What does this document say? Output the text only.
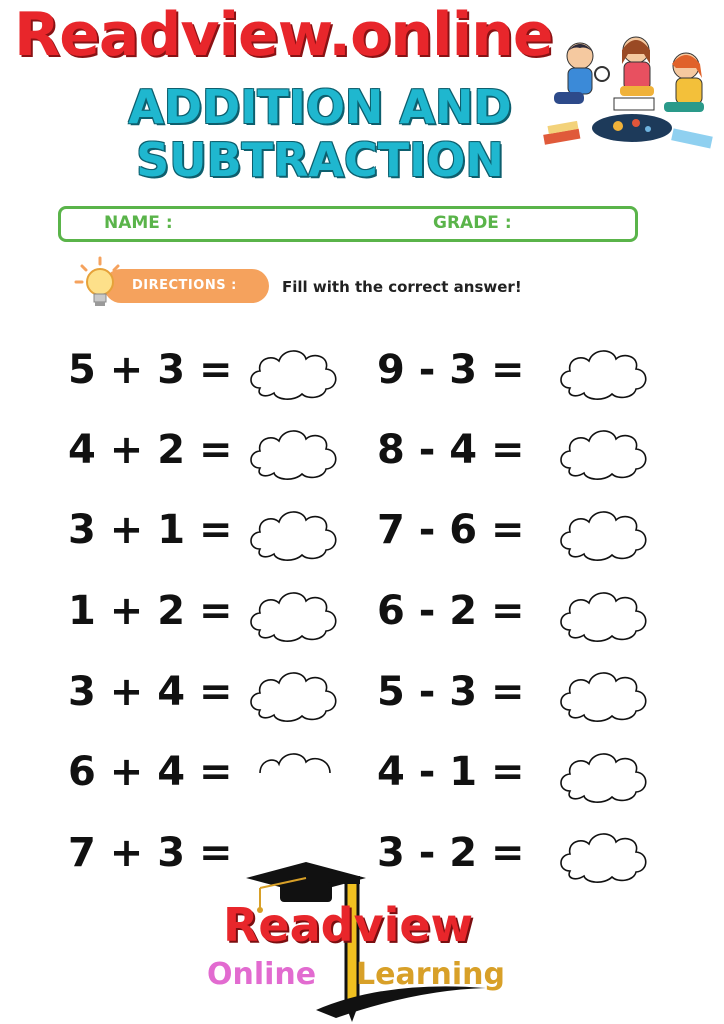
Readview.online
ADDITION AND
SUBTRACTION
NAME :	GRADE :
DIRECTIONS :	Fill with the correct answer!
5 + 3 =
4 + 2 =
3 + 1 =
1 + 2 =
3 + 4 =
6 + 4 =
7 + 3 =
9 - 3 =
8 - 4 =
7 - 6 =
6 - 2 =
5 - 3 =
4 - 1 =
3 - 2 =
Readview
Online Learning
